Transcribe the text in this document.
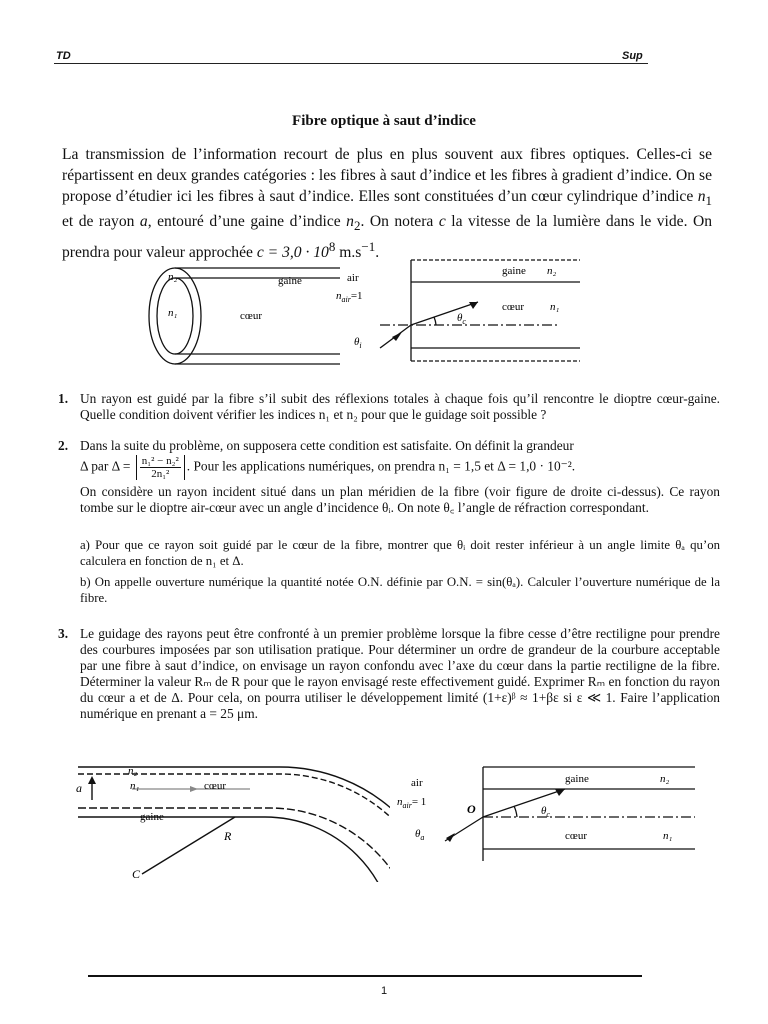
TD	Sup
Fibre optique à saut d’indice
La transmission de l’information recourt de plus en plus souvent aux fibres optiques. Celles-ci se répartissent en deux grandes catégories : les fibres à saut d’indice et les fibres à gradient d’indice. On se propose d’étudier ici les fibres à saut d’indice. Elles sont constituées d’un cœur cylindrique d’indice $n_1$ et de rayon a, entouré d’une gaine d’indice $n_2$. On notera c la vitesse de la lumière dans le vide. On prendra pour valeur approchée $c = 3,0 \cdot 10^8$ $m.s^{-1}$.
n₂
n₁
gaine
cœur
air
$n_{air}=1$
gaine n₂
cœur n₁
$\theta_c$
$\theta_i$
1. Un rayon est guidé par la fibre s’il subit des réflexions totales à chaque fois qu’il rencontre le dioptre cœur-gaine. Quelle condition doivent vérifier les indices n₁ et n₂ pour que le guidage soit possible ?
2. Dans la suite du problème, on supposera cette condition est satisfaite. On définit la grandeur
Δ par $\Delta = \frac{\text{n₁² − n₂²}}{\text{2n₁²}}$ . Pour les applications numériques, on prendra n₁ = 1,5 et Δ = 1,0 · 10⁻².
On considère un rayon incident situé dans un plan méridien de la fibre (voir figure de droite ci-dessus). Ce rayon tombe sur le dioptre air-cœur avec un angle d’incidence θᵢ. On note θ꜀ l’angle de réfraction correspondant.
a) Pour que ce rayon soit guidé par le cœur de la fibre, montrer que θᵢ doit rester inférieur à un angle limite θₐ qu’on calculera en fonction de n₁ et Δ.
b) On appelle ouverture numérique la quantité notée O.N. définie par O.N. = sin(θₐ). Calculer l’ouverture numérique de la fibre.
3. Le guidage des rayons peut être confronté à un premier problème lorsque la fibre cesse d’être rectiligne pour prendre des courbures imposées par son utilisation pratique. Pour déterminer un ordre de grandeur de la courbure acceptable par une fibre à saut d’indice, on envisage un rayon confondu avec l’axe du cœur dans la partie rectiligne de la fibre. Déterminer la valeur Rₘ de R pour que le rayon envisagé reste effectivement guidé. Exprimer Rₘ en fonction du rayon du cœur a et de Δ. Pour cela, on pourra utiliser le développement limité (1+ε)ᵝ ≈ 1+βε si ε ≪ 1. Faire l’application numérique en prenant a = 25 μm.
n₂
a	n₁	cœur
gaine
R
C
air
$n_{air}= 1$	O	$\theta_c$
$\theta_a$
gaine	n₂
cœur	n₁
1
